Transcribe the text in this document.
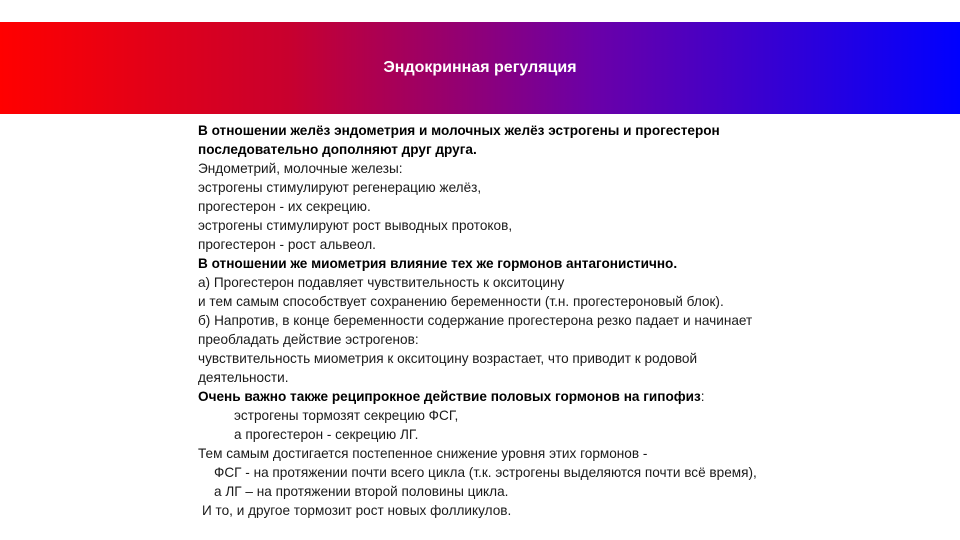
Эндокринная регуляция
В отношении желёз эндометрия и молочных желёз эстрогены и прогестерон
последовательно дополняют друг друга.
Эндометрий, молочные железы:
эстрогены стимулируют регенерацию желёз,
прогестерон - их секрецию.
эстрогены стимулируют рост выводных протоков,
прогестерон - рост альвеол.
В отношении же миометрия влияние тех же гормонов антагонистично.
а) Прогестерон подавляет чувствительность к окситоцину
и тем самым способствует сохранению беременности (т.н. прогестероновый блок).
б) Напротив, в конце беременности содержание прогестерона резко падает и начинает
преобладать действие эстрогенов:
чувствительность миометрия к окситоцину возрастает, что приводит к родовой
деятельности.
Очень важно также реципрокное действие половых гормонов на гипофиз:
эстрогены тормозят секрецию ФСГ,
а прогестерон - секрецию ЛГ.
Тем самым достигается постепенное снижение уровня этих гормонов -
ФСГ - на протяжении почти всего цикла (т.к. эстрогены выделяются почти всё время),
а ЛГ – на протяжении второй половины цикла.
И то, и другое тормозит рост новых фолликулов.
